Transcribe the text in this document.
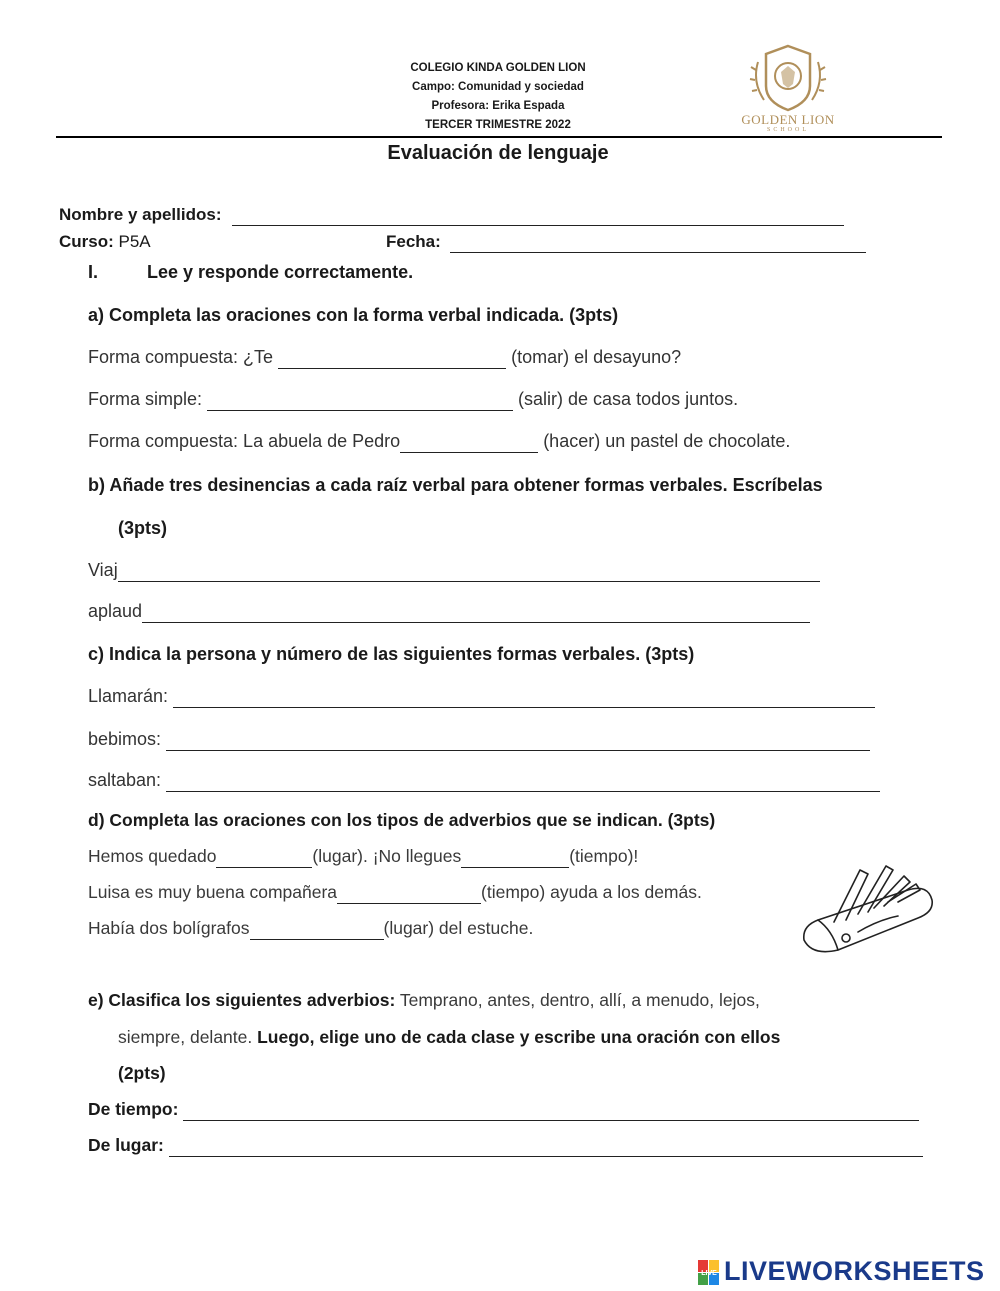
COLEGIO KINDA GOLDEN LION
Campo: Comunidad y sociedad
Profesora: Erika Espada
TERCER TRIMESTRE 2022	GOLDEN LION
SCHOOL
Evaluación de lenguaje
Nombre y apellidos:
Curso: P5A	Fecha:
I.	Lee y responde correctamente.
a) Completa las oraciones con la forma verbal indicada. (3pts)
Forma compuesta: ¿Te	(tomar) el desayuno?
Forma simple:	(salir) de casa todos juntos.
Forma compuesta: La abuela de Pedro	(hacer) un pastel de chocolate.
b) Añade tres desinencias a cada raíz verbal para obtener formas verbales. Escríbelas
(3pts)
Viaj
aplaud
c) Indica la persona y número de las siguientes formas verbales. (3pts)
Llamarán:
bebimos:
saltaban:
d) Completa las oraciones con los tipos de adverbios que se indican. (3pts)
Hemos quedado	(lugar). ¡No llegues	(tiempo)!
Luisa es muy buena compañera	(tiempo) ayuda a los demás.
Había dos bolígrafos	(lugar) del estuche.
e) Clasifica los siguientes adverbios: Temprano, antes, dentro, allí, a menudo, lejos,
siempre, delante. Luego, elige uno de cada clase y escribe una oración con ellos
(2pts)
De tiempo:
De lugar:
LIVE LIVEWORKSHEETS
